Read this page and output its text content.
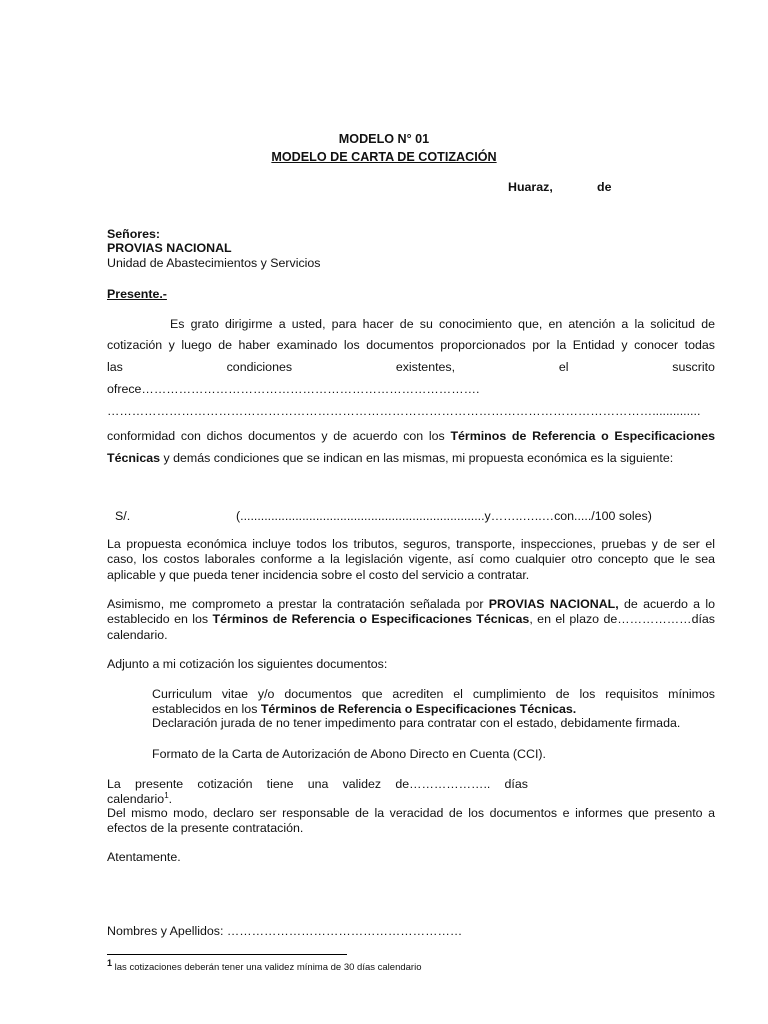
MODELO N° 01
MODELO DE CARTA DE COTIZACIÓN
Huaraz,	de
Señores:
PROVIAS NACIONAL
Unidad de Abastecimientos y Servicios
Presente.-
Es grato dirigirme a usted, para hacer de su conocimiento que, en atención a la solicitud de
cotización y luego de haber examinado los documentos proporcionados por la Entidad y conocer todas
las	condiciones	existentes,	el	suscrito
ofrece……………………………………………………………………….
……………………………………………………………………………………………………………………..............
conformidad con dichos documentos y de acuerdo con los Términos de Referencia o Especificaciones Técnicas y demás condiciones que se indican en las mismas, mi propuesta económica es la siguiente:
S/.	(.......................................................................y……..…..…con...../100 soles)
La propuesta económica incluye todos los tributos, seguros, transporte, inspecciones, pruebas y de ser el caso, los costos laborales conforme a la legislación vigente, así como cualquier otro concepto que le sea aplicable y que pueda tener incidencia sobre el costo del servicio a contratar.
Asimismo, me comprometo a prestar la contratación señalada por PROVIAS NACIONAL, de acuerdo a lo establecido en los Términos de Referencia o Especificaciones Técnicas, en el plazo de………………días calendario.
Adjunto a mi cotización los siguientes documentos:
Curriculum vitae y/o documentos que acrediten el cumplimiento de los requisitos mínimos establecidos en los Términos de Referencia o Especificaciones Técnicas.
Declaración jurada de no tener impedimento para contratar con el estado, debidamente firmada.
Formato de la Carta de Autorización de Abono Directo en Cuenta (CCI).
La presente cotización tiene una validez de……………….. días
calendario$^1$.
Del mismo modo, declaro ser responsable de la veracidad de los documentos e informes que presento a efectos de la presente contratación.
Atentamente.
Nombres y Apellidos: …………………………………………………
$^1$ las cotizaciones deberán tener una validez mínima de 30 días calendario
